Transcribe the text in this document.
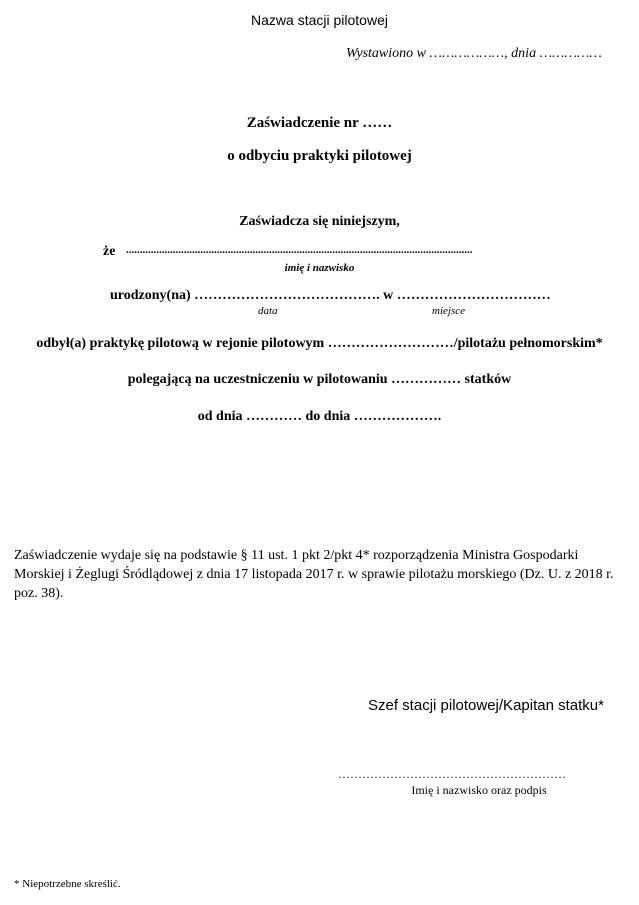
Nazwa stacji pilotowej
Wystawiono w ………………, dnia ……………
Zaświadczenie nr ……
o odbyciu praktyki pilotowej
Zaświadcza się niniejszym,
że ..............................................................................................................................
imię i nazwisko
urodzony(na) …………………………………. w ……………………………
data	miejsce
odbył(a) praktykę pilotową w rejonie pilotowym ………………………/pilotażu pełnomorskim*
polegającą na uczestniczeniu w pilotowaniu …………… statków
od dnia ………… do dnia ……………….
Zaświadczenie wydaje się na podstawie § 11 ust. 1 pkt 2/pkt 4* rozporządzenia Ministra Gospodarki Morskiej i Żeglugi Śródlądowej z dnia 17 listopada 2017 r. w sprawie pilotażu morskiego (Dz. U. z 2018 r. poz. 38).
Szef stacji pilotowej/Kapitan statku*
…………………………………………………
Imię i nazwisko oraz podpis
* Niepotrzebne skreślić.
